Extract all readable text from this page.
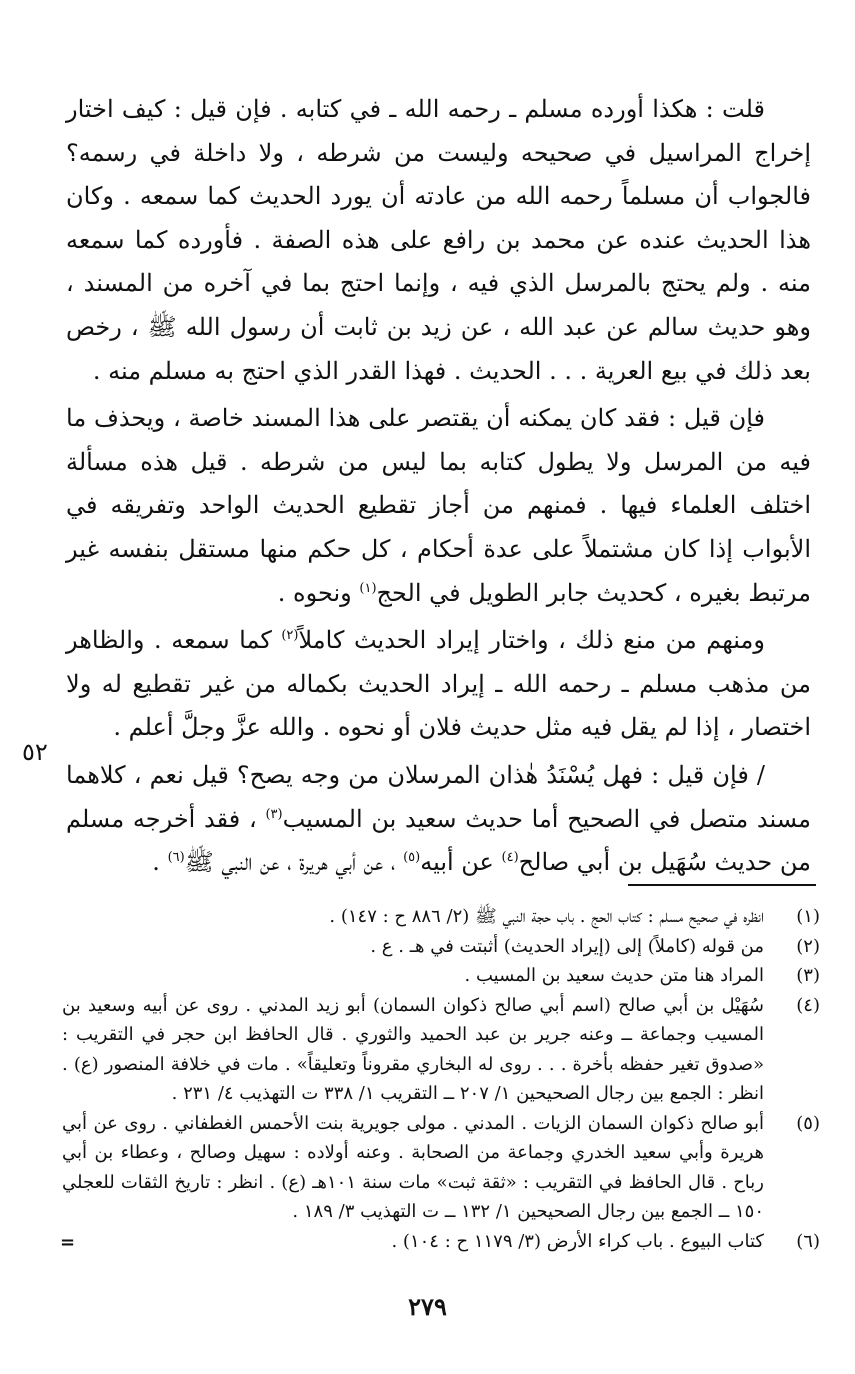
قلت : هكذا أورده مسلم ـ رحمه الله ـ في كتابه . فإن قيل : كيف اختار إخراج المراسيل في صحيحه وليست من شرطه ، ولا داخلة في رسمه؟ فالجواب أن مسلماً رحمه الله من عادته أن يورد الحديث كما سمعه . وكان هذا الحديث عنده عن محمد بن رافع على هذه الصفة . فأورده كما سمعه منه . ولم يحتج بالمرسل الذي فيه ، وإنما احتج بما في آخره من المسند ، وهو حديث سالم عن عبد الله ، عن زيد بن ثابت أن رسول الله ﷺ ، رخص بعد ذلك في بيع العرية . . . الحديث . فهذا القدر الذي احتج به مسلم منه .

فإن قيل : فقد كان يمكنه أن يقتصر على هذا المسند خاصة ، ويحذف ما فيه من المرسل ولا يطول كتابه بما ليس من شرطه . قيل هذه مسألة اختلف العلماء فيها . فمنهم من أجاز تقطيع الحديث الواحد وتفريقه في الأبواب إذا كان مشتملاً على عدة أحكام ، كل حكم منها مستقل بنفسه غير مرتبط بغيره ، كحديث جابر الطويل في الحج$^{(١)}$ ونحوه .

ومنهم من منع ذلك ، واختار إيراد الحديث كاملاً$^{(٢)}$ كما سمعه . والظاهر من مذهب مسلم ـ رحمه الله ـ إيراد الحديث بكماله من غير تقطيع له ولا اختصار ، إذا لم يقل فيه مثل حديث فلان أو نحوه . والله عزَّ وجلَّ أعلم .

/ فإن قيل : فهل يُسْنَدُ هٰذان المرسلان من وجه يصح؟ قيل نعم ، كلاهما مسند متصل في الصحيح أما حديث سعيد بن المسيب$^{(٣)}$ ، فقد أخرجه مسلم من حديث سُهَيل بن أبي صالح$^{(٤)}$ عن أبيه$^{(٥)}$ ، عن أبي هريرة ، عن النبي ﷺ$^{(٦)}$ .

٥٢
(١)
انظره في صحيح مسلم : كتاب الحج . باب حجة النبي ﷺ (٢/ ٨٨٦ ح : ١٤٧) .
(٢)
من قوله (كاملاً) إلى (إيراد الحديث) أثبتت في هـ . ع .
(٣)
المراد هنا متن حديث سعيد بن المسيب .
(٤)
سُهَيْل بن أبي صالح (اسم أبي صالح ذكوان السمان) أبو زيد المدني . روى عن أبيه وسعيد بن المسيب وجماعة ــ وعنه جرير بن عبد الحميد والثوري . قال الحافظ ابن حجر في التقريب : «صدوق تغير حفظه بأخرة . . . روى له البخاري مقروناً وتعليقاً» . مات في خلافة المنصور (ع) . انظر : الجمع بين رجال الصحيحين ١/ ٢٠٧ ــ التقريب ١/ ٣٣٨ ت التهذيب ٤/ ٢٣١ .
(٥)
أبو صالح ذكوان السمان الزيات . المدني . مولى جويرية بنت الأحمس الغطفاني . روى عن أبي هريرة وأبي سعيد الخدري وجماعة من الصحابة . وعنه أولاده : سهيل وصالح ، وعطاء بن أبي رباح . قال الحافظ في التقريب : «ثقة ثبت» مات سنة ١٠١هـ (ع) . انظر : تاريخ الثقات للعجلي ١٥٠ ــ الجمع بين رجال الصحيحين ١/ ١٣٢ ــ ت التهذيب ٣/ ١٨٩ .
(٦)
كتاب البيوع . باب كراء الأرض (٣/ ١١٧٩ ح : ١٠٤) .
=
٢٧٩
